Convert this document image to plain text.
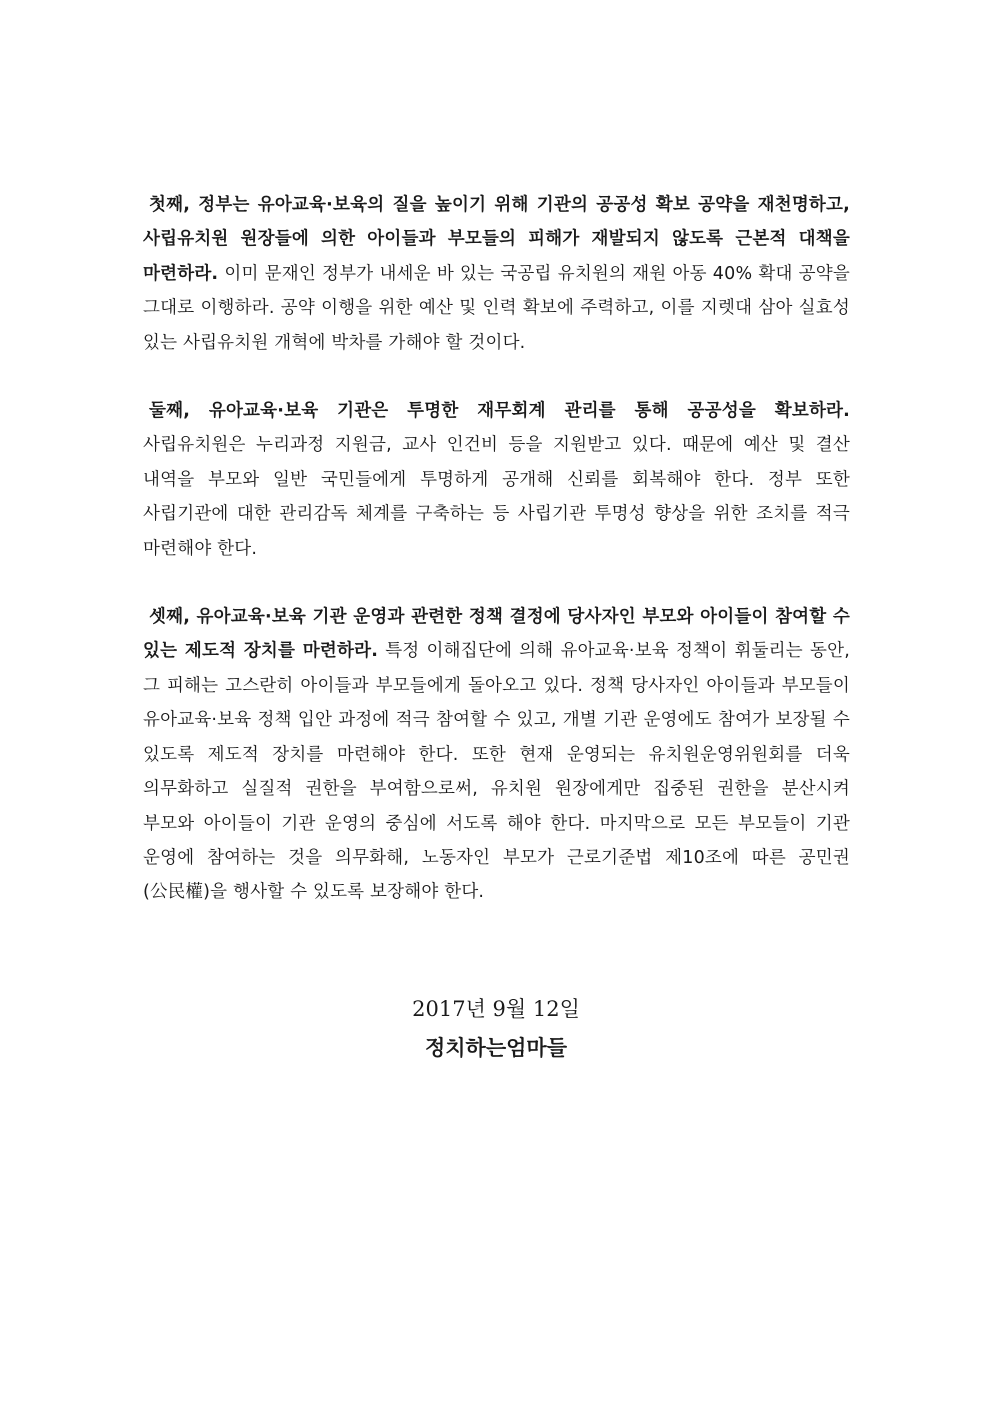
첫째, 정부는 유아교육·보육의 질을 높이기 위해 기관의 공공성 확보 공약을 재천명하고, 사립유치원 원장들에 의한 아이들과 부모들의 피해가 재발되지 않도록 근본적 대책을 마련하라. 이미 문재인 정부가 내세운 바 있는 국공립 유치원의 재원 아동 40% 확대 공약을 그대로 이행하라. 공약 이행을 위한 예산 및 인력 확보에 주력하고, 이를 지렛대 삼아 실효성 있는 사립유치원 개혁에 박차를 가해야 할 것이다.

둘째, 유아교육·보육 기관은 투명한 재무회계 관리를 통해 공공성을 확보하라. 사립유치원은 누리과정 지원금, 교사 인건비 등을 지원받고 있다. 때문에 예산 및 결산 내역을 부모와 일반 국민들에게 투명하게 공개해 신뢰를 회복해야 한다. 정부 또한 사립기관에 대한 관리감독 체계를 구축하는 등 사립기관 투명성 향상을 위한 조치를 적극 마련해야 한다.

셋째, 유아교육·보육 기관 운영과 관련한 정책 결정에 당사자인 부모와 아이들이 참여할 수 있는 제도적 장치를 마련하라. 특정 이해집단에 의해 유아교육·보육 정책이 휘둘리는 동안, 그 피해는 고스란히 아이들과 부모들에게 돌아오고 있다. 정책 당사자인 아이들과 부모들이 유아교육·보육 정책 입안 과정에 적극 참여할 수 있고, 개별 기관 운영에도 참여가 보장될 수 있도록 제도적 장치를 마련해야 한다. 또한 현재 운영되는 유치원운영위원회를 더욱 의무화하고 실질적 권한을 부여함으로써, 유치원 원장에게만 집중된 권한을 분산시켜 부모와 아이들이 기관 운영의 중심에 서도록 해야 한다. 마지막으로 모든 부모들이 기관 운영에 참여하는 것을 의무화해, 노동자인 부모가 근로기준법 제10조에 따른 공민권(公民權)을 행사할 수 있도록 보장해야 한다.

2017년 9월 12일
정치하는엄마들
